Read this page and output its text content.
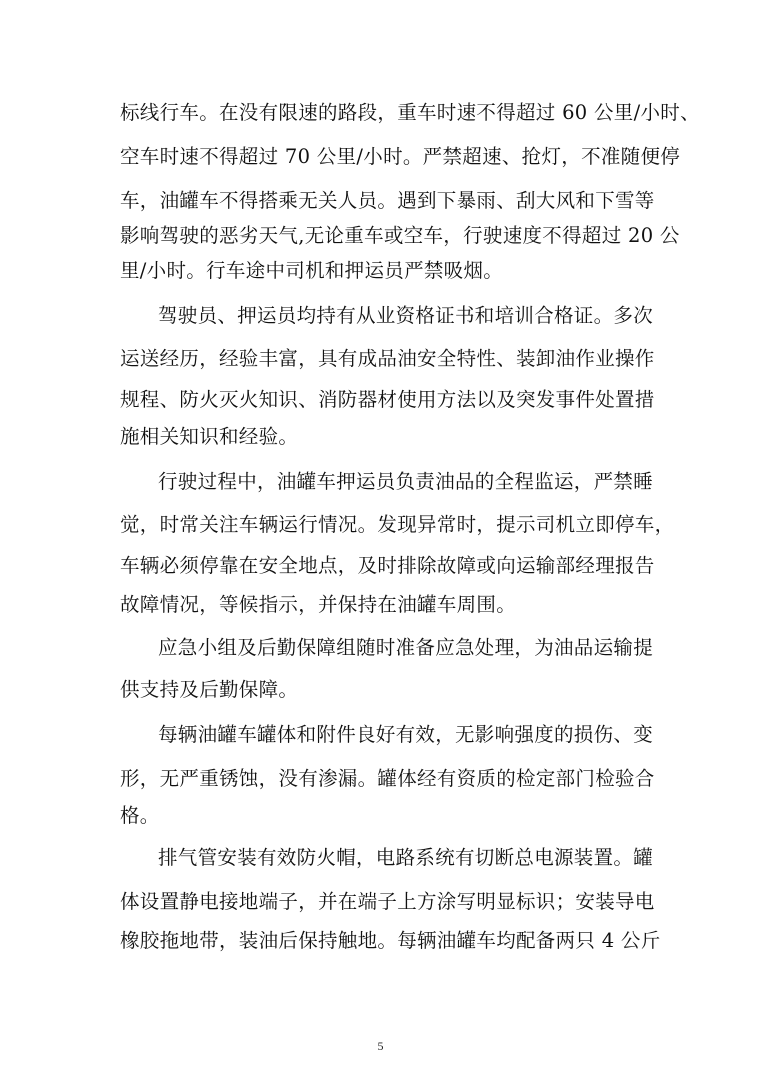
标线行车。在没有限速的路段，重车时速不得超过 60 公里/小时、
空车时速不得超过 70 公里/小时。严禁超速、抢灯，不准随便停
车，油罐车不得搭乘无关人员。遇到下暴雨、刮大风和下雪等
影响驾驶的恶劣天气,无论重车或空车，行驶速度不得超过 20 公
里/小时。行车途中司机和押运员严禁吸烟。
驾驶员、押运员均持有从业资格证书和培训合格证。多次
运送经历，经验丰富，具有成品油安全特性、装卸油作业操作
规程、防火灭火知识、消防器材使用方法以及突发事件处置措
施相关知识和经验。
行驶过程中，油罐车押运员负责油品的全程监运，严禁睡
觉，时常关注车辆运行情况。发现异常时，提示司机立即停车，
车辆必须停靠在安全地点，及时排除故障或向运输部经理报告
故障情况，等候指示，并保持在油罐车周围。
应急小组及后勤保障组随时准备应急处理，为油品运输提
供支持及后勤保障。
每辆油罐车罐体和附件良好有效，无影响强度的损伤、变
形，无严重锈蚀，没有渗漏。罐体经有资质的检定部门检验合
格。
排气管安装有效防火帽，电路系统有切断总电源装置。罐
体设置静电接地端子，并在端子上方涂写明显标识；安装导电
橡胶拖地带，装油后保持触地。每辆油罐车均配备两只 4 公斤
5
